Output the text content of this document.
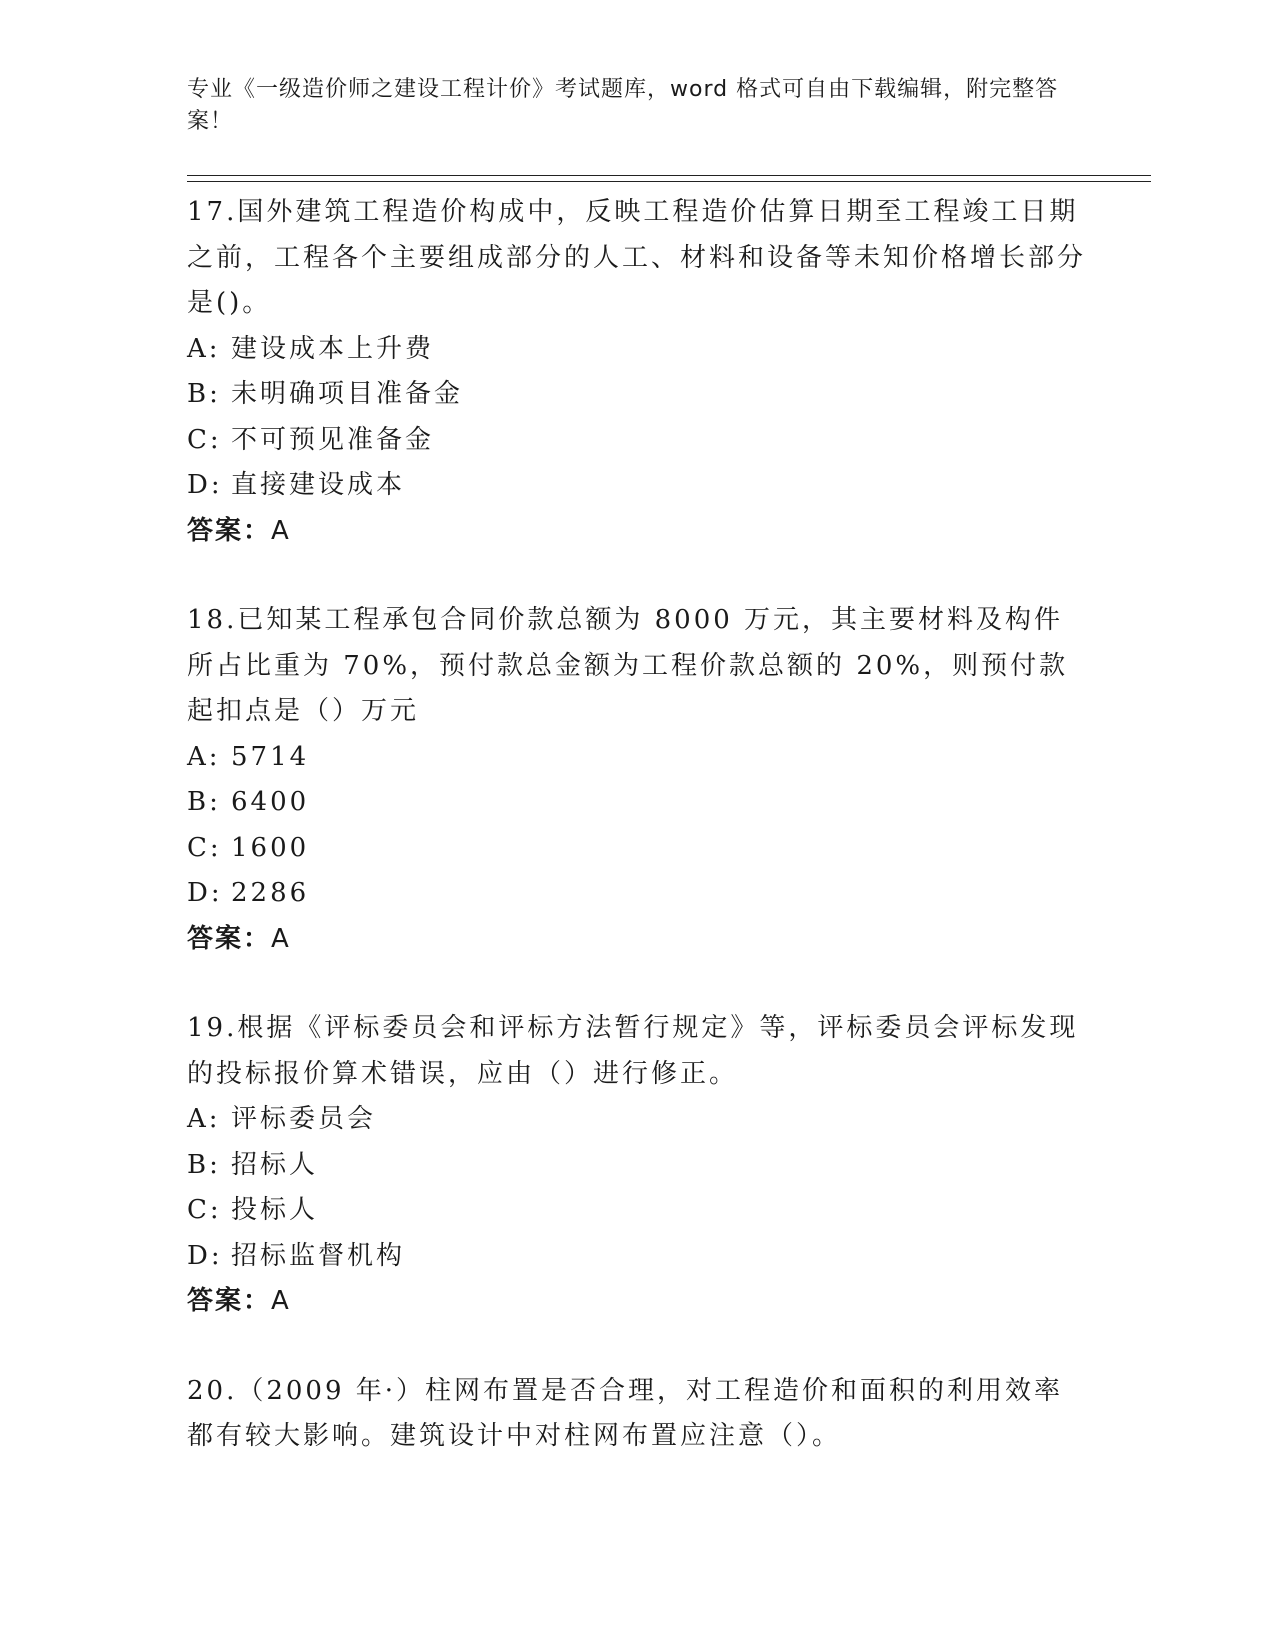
专业《一级造价师之建设工程计价》考试题库，word 格式可自由下载编辑，附完整答案！

17.国外建筑工程造价构成中，反映工程造价估算日期至工程竣工日期之前，工程各个主要组成部分的人工、材料和设备等未知价格增长部分是()。

A: 建设成本上升费

B: 未明确项目准备金

C: 不可预见准备金

D: 直接建设成本

答案：A

18.已知某工程承包合同价款总额为 8000 万元，其主要材料及构件所占比重为 70%，预付款总金额为工程价款总额的 20%，则预付款起扣点是（）万元

A: 5714

B: 6400

C: 1600

D: 2286

答案：A

19.根据《评标委员会和评标方法暂行规定》等，评标委员会评标发现的投标报价算术错误，应由（）进行修正。

A: 评标委员会

B: 招标人

C: 投标人

D: 招标监督机构

答案：A

20.（2009 年·）柱网布置是否合理，对工程造价和面积的利用效率都有较大影响。建筑设计中对柱网布置应注意（）。
